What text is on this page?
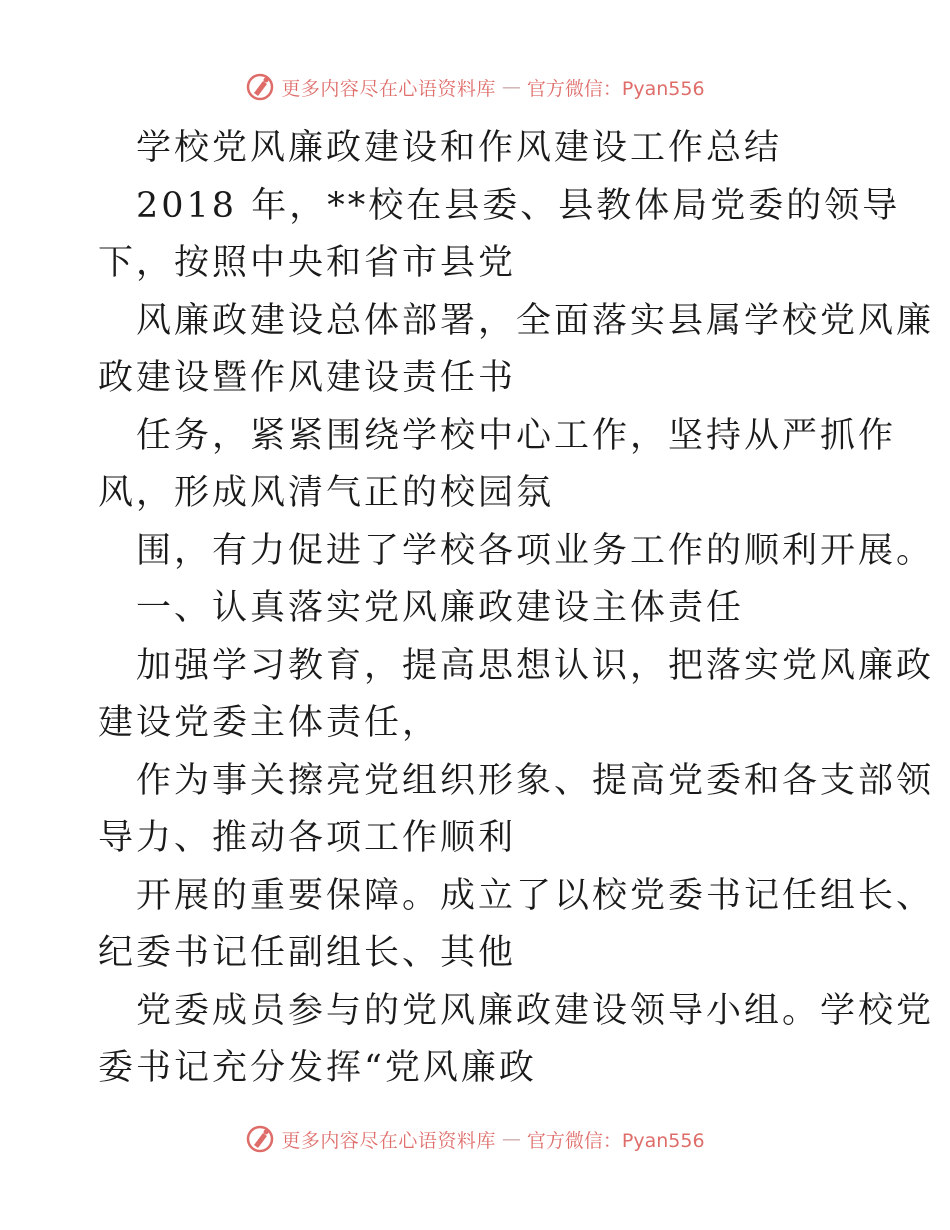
更多内容尽在心语资料库 — 官方微信：Pyan556
学校党风廉政建设和作风建设工作总结
2018 年，**校在县委、县教体局党委的领导
下，按照中央和省市县党
风廉政建设总体部署，全面落实县属学校党风廉
政建设暨作风建设责任书
任务，紧紧围绕学校中心工作，坚持从严抓作
风，形成风清气正的校园氛
围，有力促进了学校各项业务工作的顺利开展。
一、认真落实党风廉政建设主体责任
加强学习教育，提高思想认识，把落实党风廉政
建设党委主体责任，
作为事关擦亮党组织形象、提高党委和各支部领
导力、推动各项工作顺利
开展的重要保障。成立了以校党委书记任组长、
纪委书记任副组长、其他
党委成员参与的党风廉政建设领导小组。学校党
委书记充分发挥“党风廉政
更多内容尽在心语资料库 — 官方微信：Pyan556
